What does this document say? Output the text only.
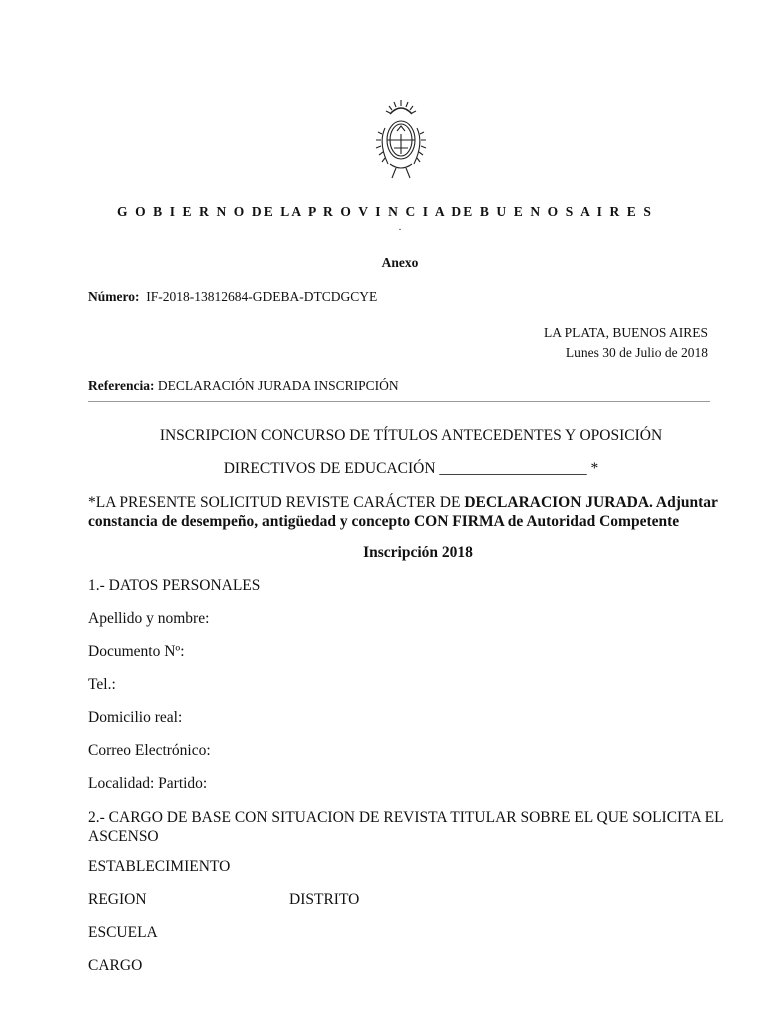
G O B I E R N O DE LA P R O V I N C I A DE B U E N O S A I R E S
.
Anexo
Número: IF-2018-13812684-GDEBA-DTCDGCYE
LA PLATA, BUENOS AIRES
Lunes 30 de Julio de 2018
Referencia: DECLARACIÓN JURADA INSCRIPCIÓN
INSCRIPCION CONCURSO DE TÍTULOS ANTECEDENTES Y OPOSICIÓN
DIRECTIVOS DE EDUCACIÓN ___________________ *
*LA PRESENTE SOLICITUD REVISTE CARÁCTER DE DECLARACION JURADA. Adjuntar constancia de desempeño, antigüedad y concepto CON FIRMA de Autoridad Competente
Inscripción 2018
1.- DATOS PERSONALES
Apellido y nombre:
Documento Nº:
Tel.:
Domicilio real:
Correo Electrónico:
Localidad: Partido:
2.- CARGO DE BASE CON SITUACION DE REVISTA TITULAR SOBRE EL QUE SOLICITA EL ASCENSO
ESTABLECIMIENTO
REGION	DISTRITO
ESCUELA
CARGO
